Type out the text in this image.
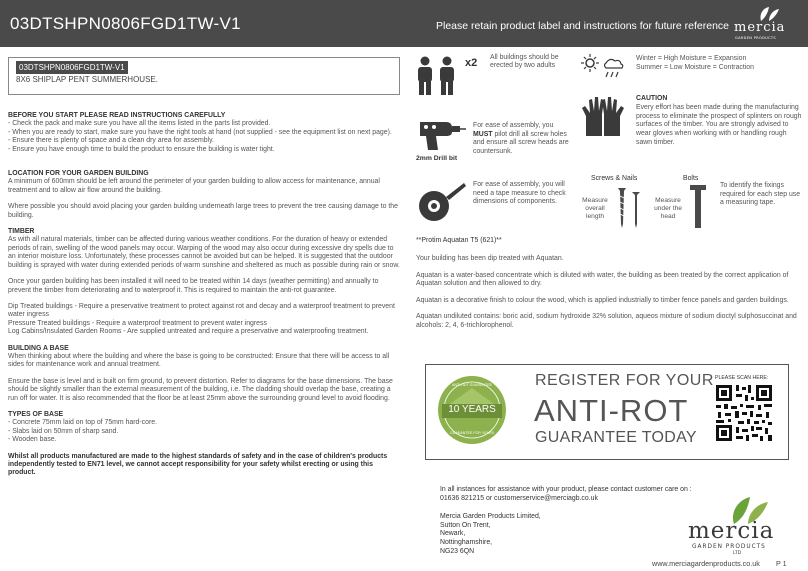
03DTSHPN0806FGD1TW-V1	Please retain product label and instructions for future reference mercia
GARDEN PRODUCTS
03DTSHPN0806FGD1TW-V1
8X6 SHIPLAP PENT SUMMERHOUSE.
BEFORE YOU START PLEASE READ INSTRUCTIONS CAREFULLY

- Check the pack and make sure you have all the items listed in the parts list provided.
- When you are ready to start, make sure you have the right tools at hand (not supplied - see the equipment list on next page).
- Ensure there is plenty of space and a clean dry area for assembly.
- Ensure you have enough time to build the product to ensure the building is water tight.

LOCATION FOR YOUR GARDEN BUILDING

A minimum of 600mm should be left around the perimeter of your garden building to allow access for maintenance, annual treatment and to allow air flow around the building.

Where possible you should avoid placing your garden building underneath large trees to prevent the tree causing damage to the building.

TIMBER

As with all natural materials, timber can be affected during various weather conditions. For the duration of heavy or extended periods of rain, swelling of the wood panels may occur. Warping of the wood may also occur during excessive dry spells due to an interior moisture loss. Unfortunately, these processes cannot be avoided but can be helped. It is suggested that the outdoor building is sprayed with water during extended periods of warm sunshine and sheltered as much as possible during rain or snow.

Once your garden building has been installed it will need to be treated within 14 days (weather permitting) and annually to prevent the timber from deteriorating and to waterproof it. This is required to maintain the anti-rot guarantee.

Dip Treated buildings - Require a preservative treatment to protect against rot and decay and a waterproof treatment to prevent water ingress
Pressure Treated buildings - Require a waterproof treatment to prevent water ingress
Log Cabins/Insulated Garden Rooms - Are supplied untreated and require a preservative and waterproofing treatment.

BUILDING A BASE

When thinking about where the building and where the base is going to be constructed: Ensure that there will be access to all sides for maintenance work and annual treatment.

Ensure the base is level and is built on firm ground, to prevent distortion. Refer to diagrams for the base dimensions. The base should be slightly smaller than the external measurement of the building, i.e. The cladding should overlap the base, creating a run off for water. It is also recommended that the floor be at least 25mm above the surrounding ground level to avoid flooding.

TYPES OF BASE

- Concrete 75mm laid on top of 75mm hard-core.
- Slabs laid on 50mm of sharp sand.
- Wooden base.

Whilst all products manufactured are made to the highest standards of safety and in the case of children's products independently tested to EN71 level, we cannot accept responsibility for your safety whilst erecting or using this product.

x2 All buildings should be erected by two adults
Winter = High Moisture = Expansion
Summer = Low Moisture = Contraction
CAUTION
Every effort has been made during the manufacturing process to eliminate the prospect of splinters on rough surfaces of the timber. You are strongly advised to wear gloves when working with or handling rough sawn timber.
2mm Drill bit
For ease of assembly, you MUST pilot drill all screw holes and ensure all screw heads are countersunk.
For ease of assembly, you will need a tape measure to check dimensions of components.
Screws & Nails	Bolts
Measure overall length
Measure under the head
To identify the fixings required for each step use a measuring tape.
**Protim Aquatan T5 (621)**

Your building has been dip treated with Aquatan.

Aquatan is a water-based concentrate which is diluted with water, the building as been treated by the correct application of Aquatan solution and then allowed to dry.

Aquatan is a decorative finish to colour the wood, which is applied industrially to timber fence panels and garden buildings.

Aquatan undiluted contains: boric acid, sodium hydroxide 32% solution, aqueos mixture of sodium dioctyl sulphosuccinat and alcohols: 2, 4, 6-trichlorophenol.

10 YEARS
ANTI-RUT GUARANTEE
GUARANTEE FOR YEARS
REGISTER FOR YOUR
ANTI-ROT
GUARANTEE TODAY
PLEASE SCAN HERE:
In all instances for assistance with your product, please contact customer care on :
01636 821215 or customerservice@merciagb.co.uk
Mercia Garden Products Limited,
Sutton On Trent,
Newark,
Nottinghamshire,
NG23 6QN
mercia
GARDEN PRODUCTS
LTD
www.merciagardenproducts.co.uk P 1
